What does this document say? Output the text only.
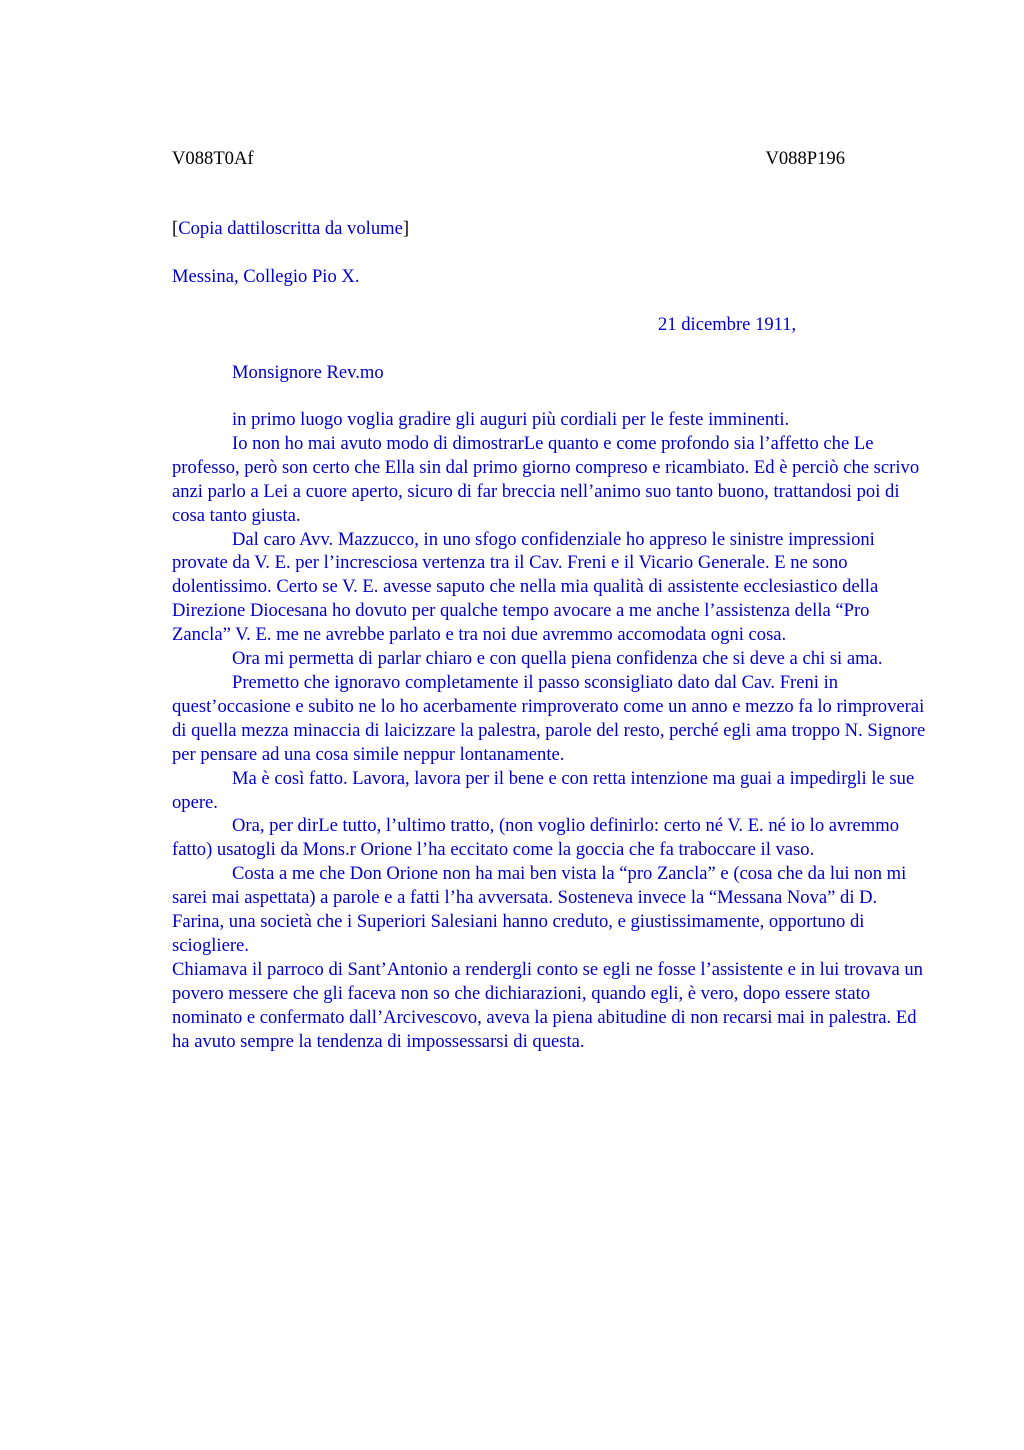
V088T0Af	V088P196
[Copia dattiloscritta da volume]
Messina, Collegio Pio X.
21 dicembre 1911,
Monsignore Rev.mo

in primo luogo voglia gradire gli auguri più cordiali per le feste imminenti.

Io non ho mai avuto modo di dimostrarLe quanto e come profondo sia l’affetto che Le professo, però son certo che Ella sin dal primo giorno compreso e ricambiato. Ed è perciò che scrivo anzi parlo a Lei a cuore aperto, sicuro di far breccia nell’animo suo tanto buono, trattandosi poi di cosa tanto giusta.

Dal caro Avv. Mazzucco, in uno sfogo confidenziale ho appreso le sinistre impressioni provate da V. E. per l’incresciosa vertenza tra il Cav. Freni e il Vicario Generale. E ne sono dolentissimo. Certo se V. E. avesse saputo che nella mia qualità di assistente ecclesiastico della Direzione Diocesana ho dovuto per qualche tempo avocare a me anche l’assistenza della “Pro Zancla” V. E. me ne avrebbe parlato e tra noi due avremmo accomodata ogni cosa.

Ora mi permetta di parlar chiaro e con quella piena confidenza che si deve a chi si ama.

Premetto che ignoravo completamente il passo sconsigliato dato dal Cav. Freni in quest’occasione e subito ne lo ho acerbamente rimproverato come un anno e mezzo fa lo rimproverai di quella mezza minaccia di laicizzare la palestra, parole del resto, perché egli ama troppo N. Signore per pensare ad una cosa simile neppur lontanamente.

Ma è così fatto. Lavora, lavora per il bene e con retta intenzione ma guai a impedirgli le sue opere.

Ora, per dirLe tutto, l’ultimo tratto, (non voglio definirlo: certo né V. E. né io lo avremmo fatto) usatogli da Mons.r Orione l’ha eccitato come la goccia che fa traboccare il vaso.

Costa a me che Don Orione non ha mai ben vista la “pro Zancla” e (cosa che da lui non mi sarei mai aspettata) a parole e a fatti l’ha avversata. Sosteneva invece la “Messana Nova” di D. Farina, una società che i Superiori Salesiani hanno creduto, e giustissimamente, opportuno di sciogliere.

Chiamava il parroco di Sant’Antonio a rendergli conto se egli ne fosse l’assistente e in lui trovava un povero messere che gli faceva non so che dichiarazioni, quando egli, è vero, dopo essere stato nominato e confermato dall’Arcivescovo, aveva la piena abitudine di non recarsi mai in palestra. Ed ha avuto sempre la tendenza di impossessarsi di questa.
